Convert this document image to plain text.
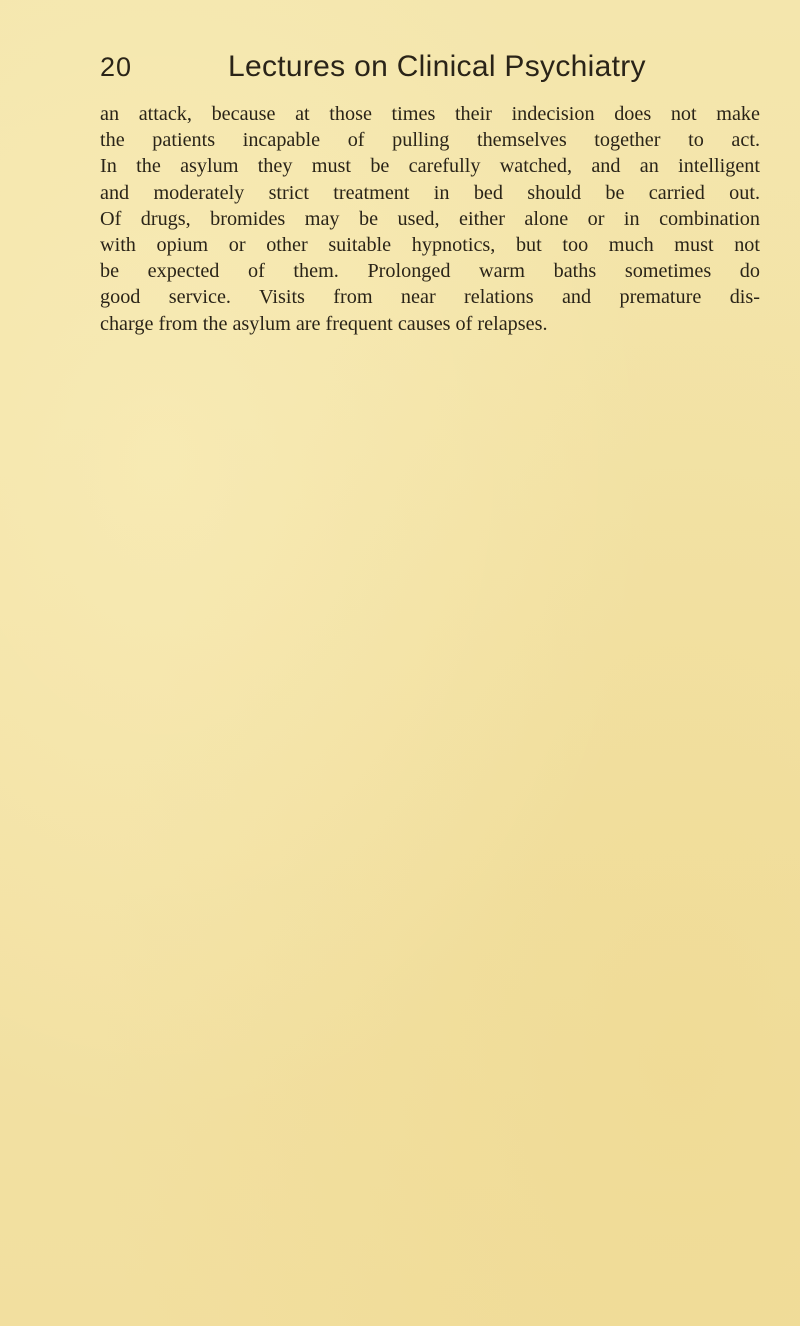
20	Lectures on Clinical Psychiatry
an attack, because at those times their indecision does not make
the patients incapable of pulling themselves together to act.
In the asylum they must be carefully watched, and an intelligent
and moderately strict treatment in bed should be carried out.
Of drugs, bromides may be used, either alone or in combination
with opium or other suitable hypnotics, but too much must not
be expected of them. Prolonged warm baths sometimes do
good service. Visits from near relations and premature dis-
charge from the asylum are frequent causes of relapses.
